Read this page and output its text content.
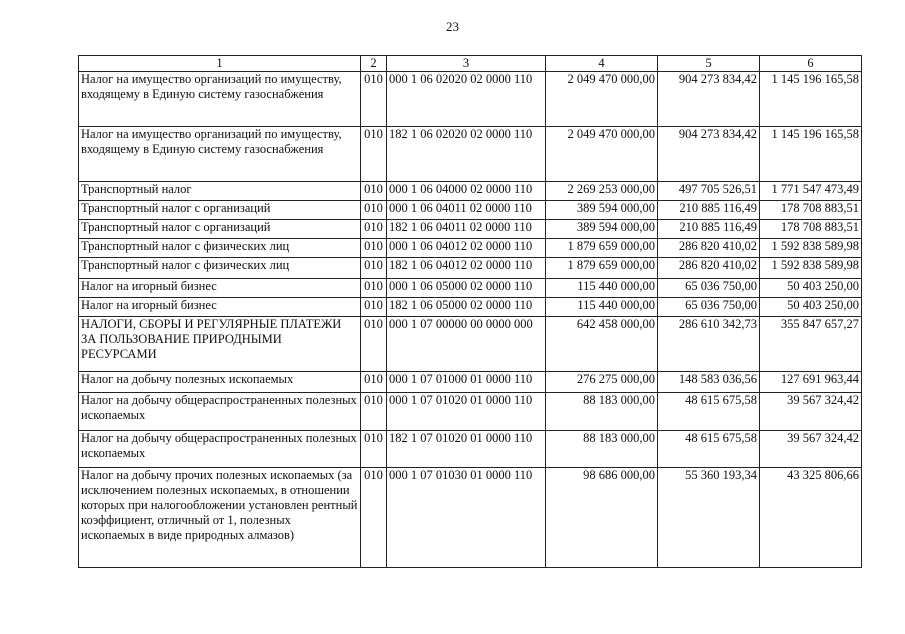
23
1	2	3	4	5	6
Налог на имущество организаций по имуществу, входящему в Единую систему газоснабжения	010	000 1 06 02020 02 0000 110	2 049 470 000,00	904 273 834,42	1 145 196 165,58
Налог на имущество организаций по имуществу, входящему в Единую систему газоснабжения	010	182 1 06 02020 02 0000 110	2 049 470 000,00	904 273 834,42	1 145 196 165,58
Транспортный налог	010	000 1 06 04000 02 0000 110	2 269 253 000,00	497 705 526,51	1 771 547 473,49
Транспортный налог с организаций	010	000 1 06 04011 02 0000 110	389 594 000,00	210 885 116,49	178 708 883,51
Транспортный налог с организаций	010	182 1 06 04011 02 0000 110	389 594 000,00	210 885 116,49	178 708 883,51
Транспортный налог с физических лиц	010	000 1 06 04012 02 0000 110	1 879 659 000,00	286 820 410,02	1 592 838 589,98
Транспортный налог с физических лиц	010	182 1 06 04012 02 0000 110	1 879 659 000,00	286 820 410,02	1 592 838 589,98
Налог на игорный бизнес	010	000 1 06 05000 02 0000 110	115 440 000,00	65 036 750,00	50 403 250,00
Налог на игорный бизнес	010	182 1 06 05000 02 0000 110	115 440 000,00	65 036 750,00	50 403 250,00
НАЛОГИ, СБОРЫ И РЕГУЛЯРНЫЕ ПЛАТЕЖИ ЗА ПОЛЬЗОВАНИЕ ПРИРОДНЫМИ РЕСУРСАМИ	010	000 1 07 00000 00 0000 000	642 458 000,00	286 610 342,73	355 847 657,27
Налог на добычу полезных ископаемых	010	000 1 07 01000 01 0000 110	276 275 000,00	148 583 036,56	127 691 963,44
Налог на добычу общераспространенных полезных ископаемых	010	000 1 07 01020 01 0000 110	88 183 000,00	48 615 675,58	39 567 324,42
Налог на добычу общераспространенных полезных ископаемых	010	182 1 07 01020 01 0000 110	88 183 000,00	48 615 675,58	39 567 324,42
Налог на добычу прочих полезных ископаемых (за исключением полезных ископаемых, в отношении которых при налогообложении установлен рентный коэффициент, отличный от 1, полезных ископаемых в виде природных алмазов)	010	000 1 07 01030 01 0000 110	98 686 000,00	55 360 193,34	43 325 806,66
